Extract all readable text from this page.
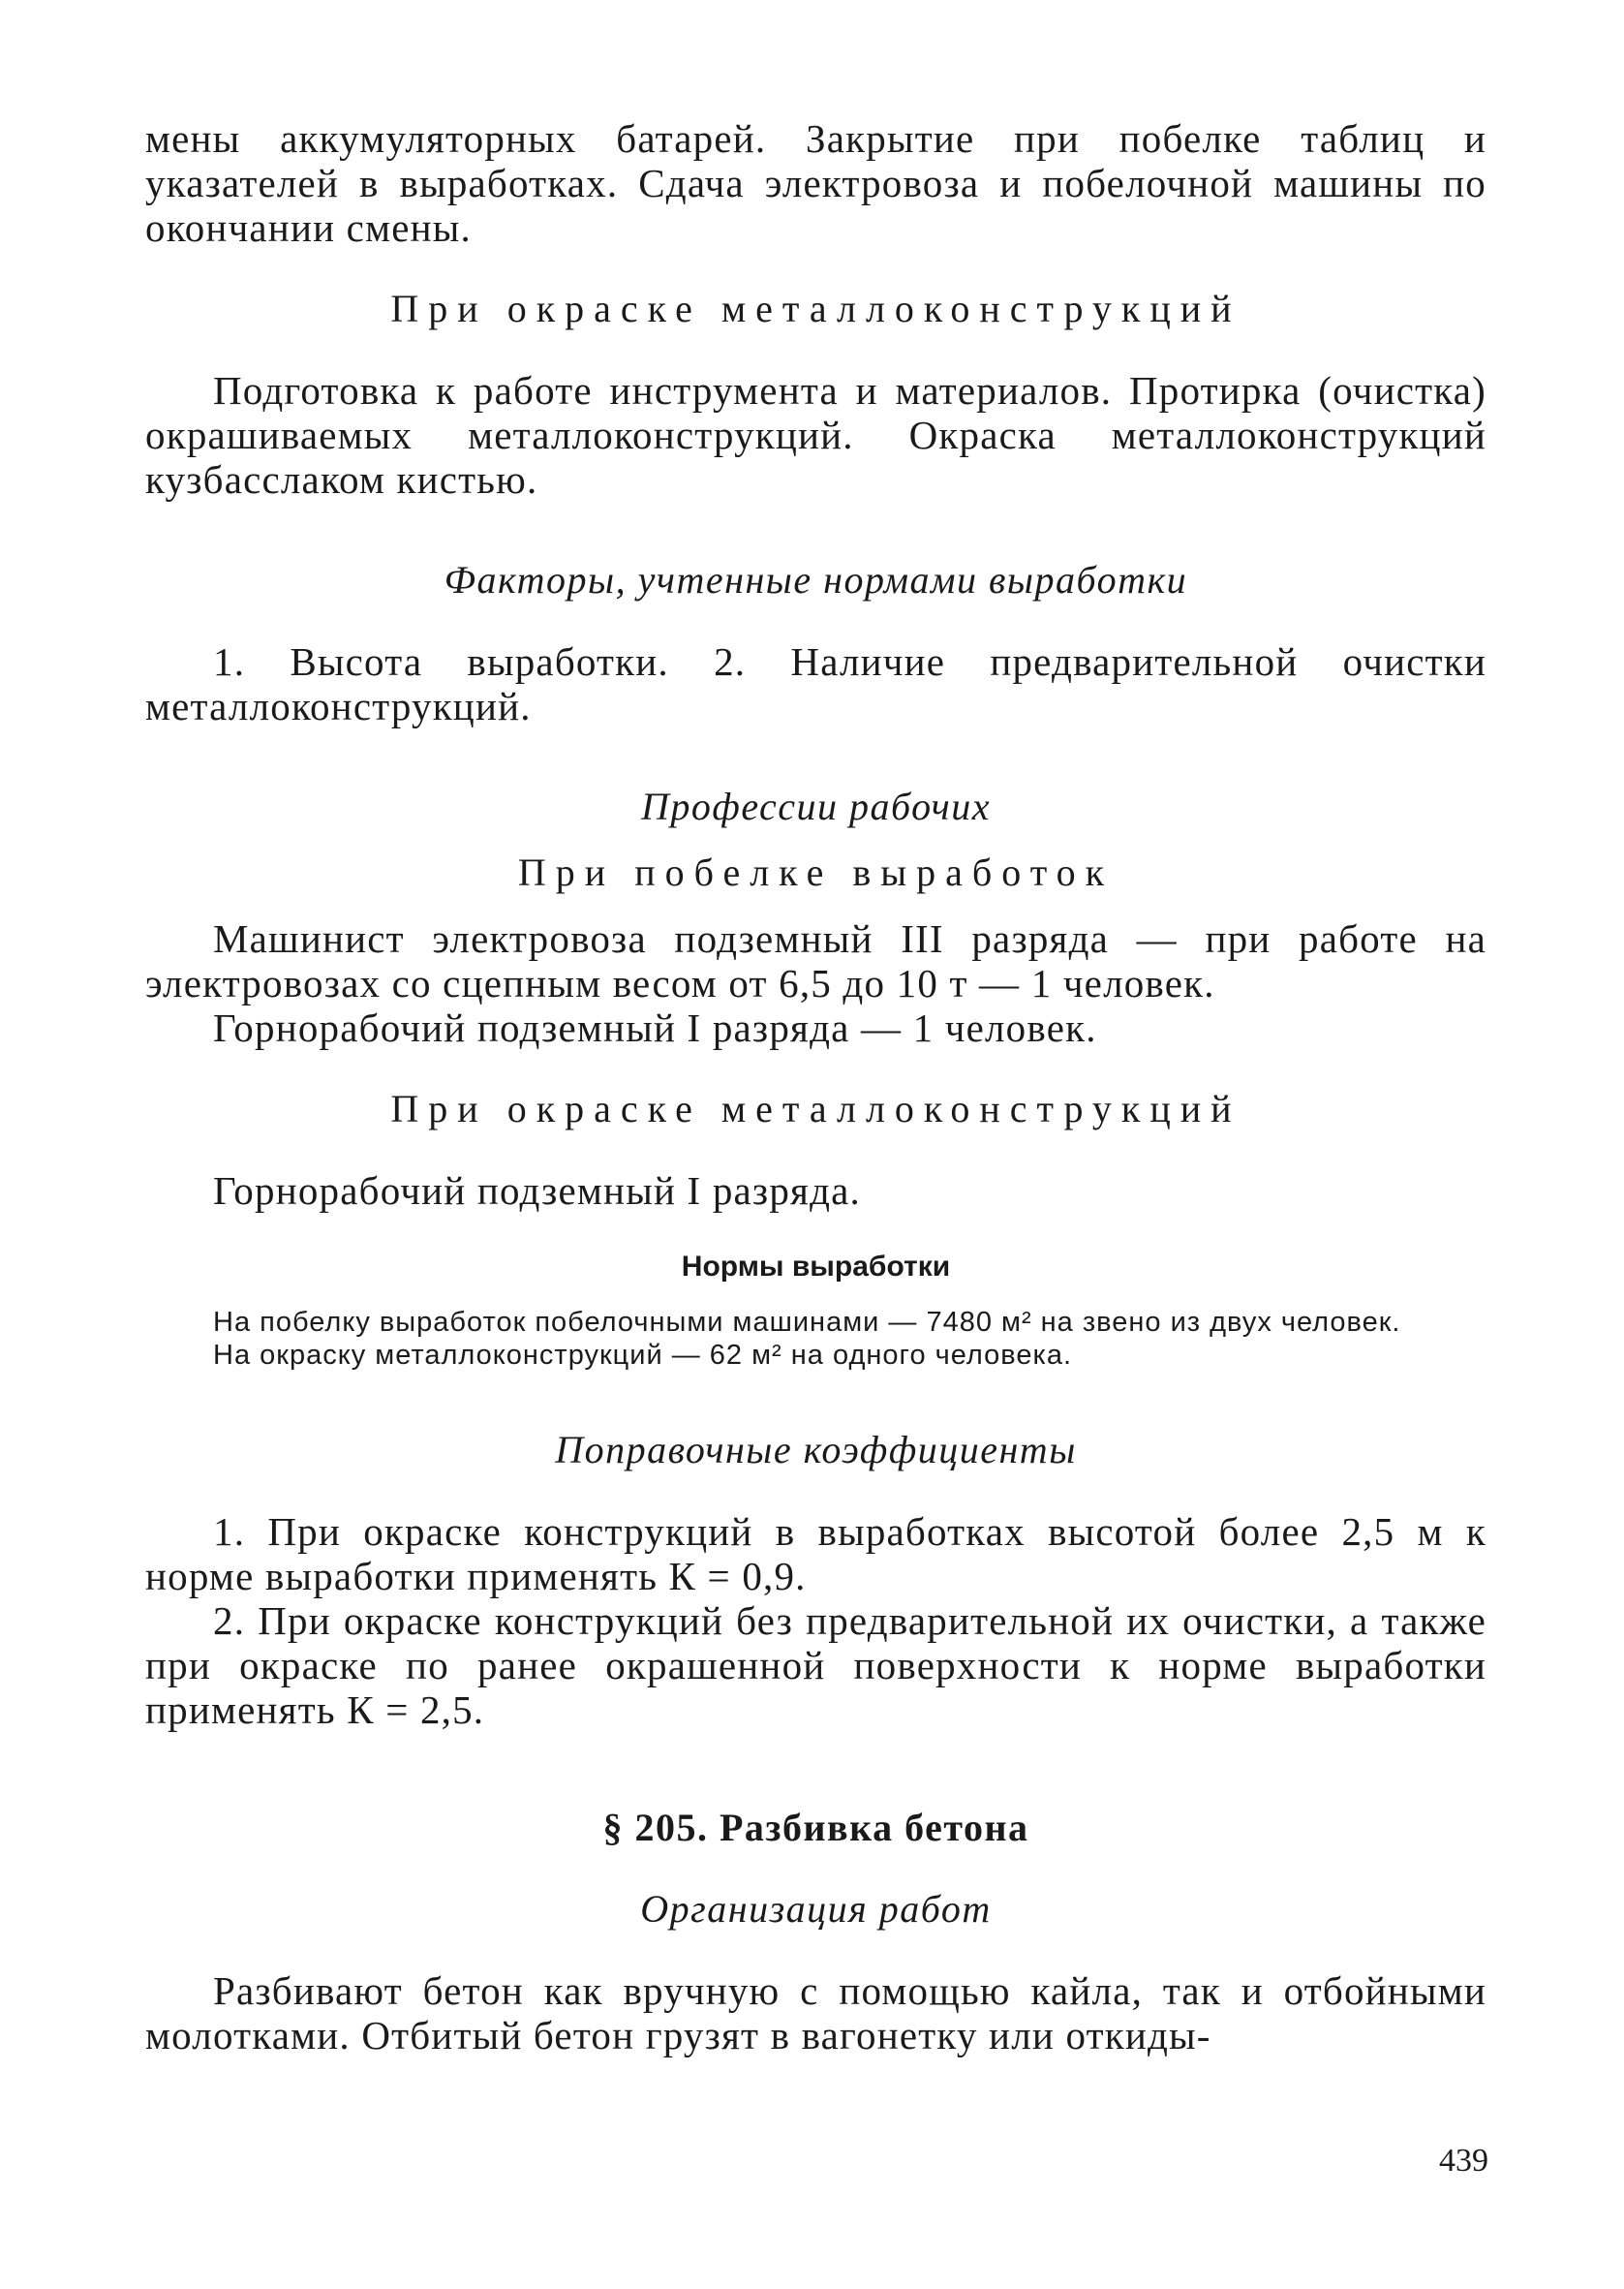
мены аккумуляторных батарей. Закрытие при побелке таблиц и указателей в выработках. Сдача электровоза и побелочной машины по окончании смены.

При окраске металлоконструкций

Подготовка к работе инструмента и материалов. Протирка (очистка) окрашиваемых металлоконструкций. Окраска металлоконструкций кузбасслаком кистью.

Факторы, учтенные нормами выработки

1. Высота выработки. 2. Наличие предварительной очистки металлоконструкций.

Профессии рабочих

При побелке выработок

Машинист электровоза подземный III разряда — при работе на электровозах со сцепным весом от 6,5 до 10 т — 1 человек.

Горнорабочий подземный I разряда — 1 человек.

При окраске металлоконструкций

Горнорабочий подземный I разряда.

Нормы выработки

На побелку выработок побелочными машинами — 7480 м² на звено из двух человек.

На окраску металлоконструкций — 62 м² на одного человека.

Поправочные коэффициенты

1. При окраске конструкций в выработках высотой более 2,5 м к норме выработки применять К = 0,9.

2. При окраске конструкций без предварительной их очистки, а также при окраске по ранее окрашенной поверхности к норме выработки применять К = 2,5.

§ 205. Разбивка бетона

Организация работ

Разбивают бетон как вручную с помощью кайла, так и отбойными молотками. Отбитый бетон грузят в вагонетку или откиды-

439
